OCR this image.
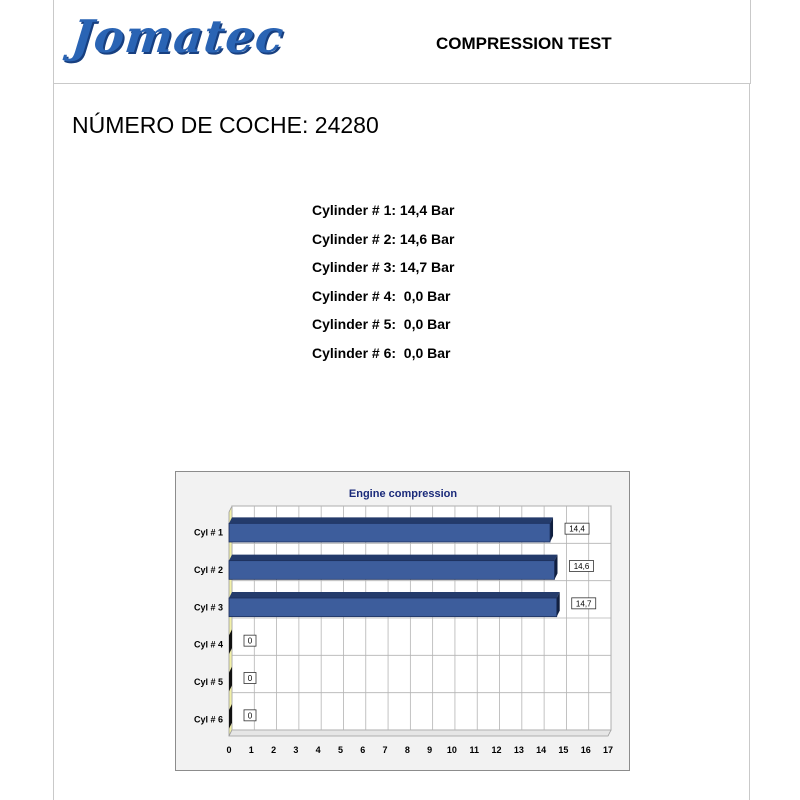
Jomatec	COMPRESSION TEST
NÚMERO DE COCHE: 24280
Cylinder # 1: 14,4 Bar
Cylinder # 2: 14,6 Bar
Cylinder # 3: 14,7 Bar
Cylinder # 4:  0,0 Bar
Cylinder # 5:  0,0 Bar
Cylinder # 6:  0,0 Bar
Engine compression
0 1 2 3 4 5 6 7 8 9 10 11 12 13 14 15 16 17
Cyl # 1	14,4
Cyl # 2	14,6
Cyl # 3	14,7
Cyl # 4	0
Cyl # 5	0
Cyl # 6	0
